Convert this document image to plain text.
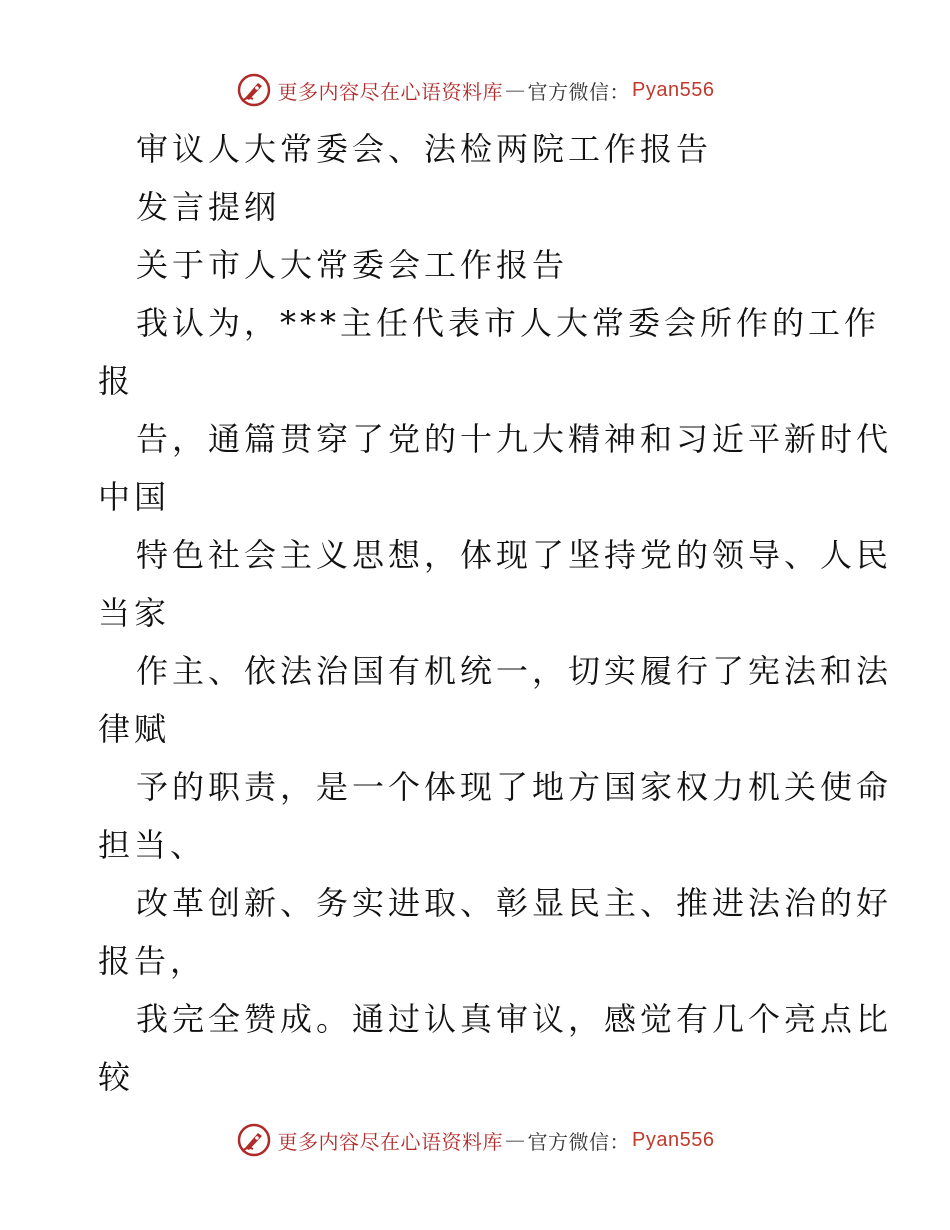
更多内容尽在心语资料库 — 官方微信： Pyan556
审议人大常委会、法检两院工作报告
发言提纲
关于市人大常委会工作报告
我认为，***主任代表市人大常委会所作的工作
报
告，通篇贯穿了党的十九大精神和习近平新时代
中国
特色社会主义思想，体现了坚持党的领导、人民
当家
作主、依法治国有机统一，切实履行了宪法和法
律赋
予的职责，是一个体现了地方国家权力机关使命
担当、
改革创新、务实进取、彰显民主、推进法治的好
报告，
我完全赞成。通过认真审议，感觉有几个亮点比
较
更多内容尽在心语资料库 — 官方微信： Pyan556
